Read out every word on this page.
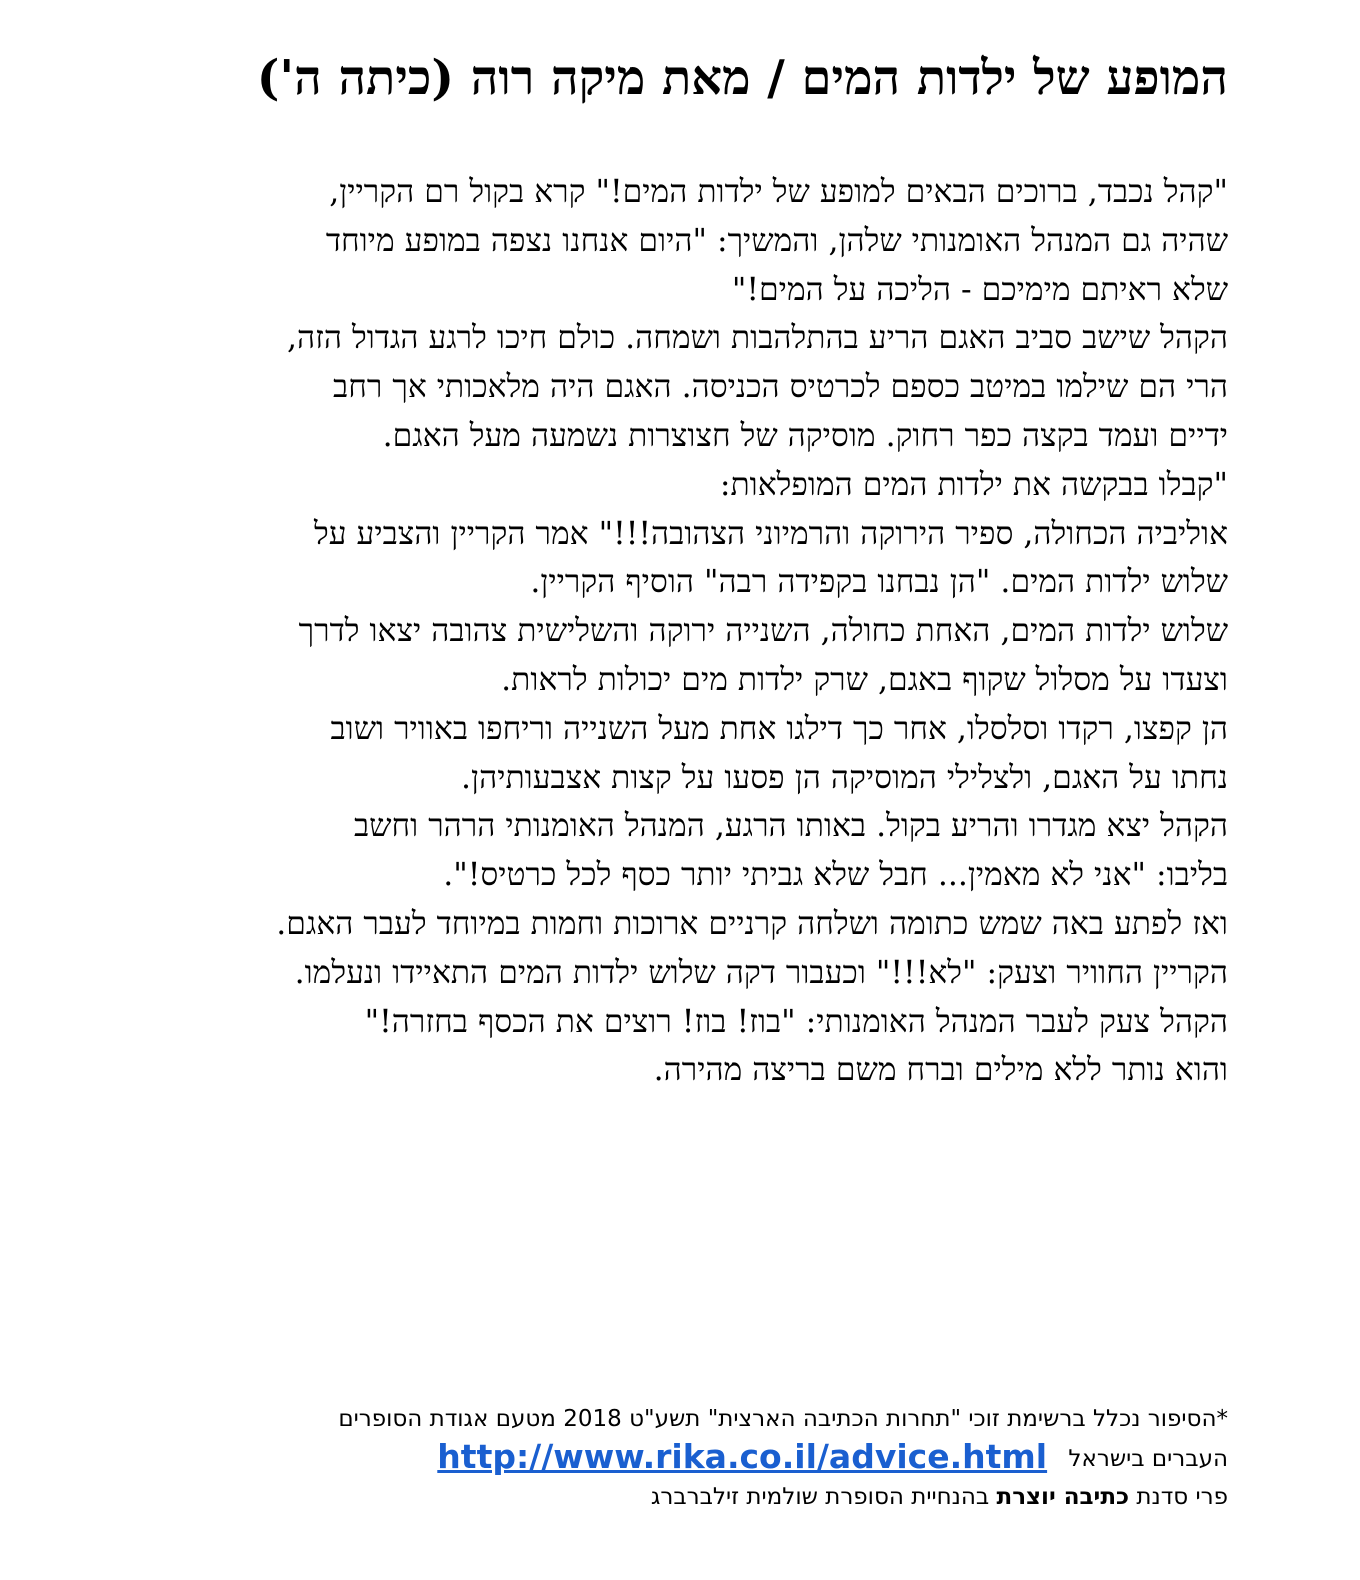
המופע של ילדות המים / מאת מיקה רוה (כיתה ה')
"קהל נכבד, ברוכים הבאים למופע של ילדות המים!" קרא בקול רם הקריין,
שהיה גם המנהל האומנותי שלהן, והמשיך: "היום אנחנו נצפה במופע מיוחד
שלא ראיתם מימיכם - הליכה על המים!"
הקהל שישב סביב האגם הריע בהתלהבות ושמחה. כולם חיכו לרגע הגדול הזה,
הרי הם שילמו במיטב כספם לכרטיס הכניסה. האגם היה מלאכותי אך רחב
ידיים ועמד בקצה כפר רחוק. מוסיקה של חצוצרות נשמעה מעל האגם.
"קבלו בבקשה את ילדות המים המופלאות:
אוליביה הכחולה, ספיר הירוקה והרמיוני הצהובה!!!" אמר הקריין והצביע על
שלוש ילדות המים. "הן נבחנו בקפידה רבה" הוסיף הקריין.
שלוש ילדות המים, האחת כחולה, השנייה ירוקה והשלישית צהובה יצאו לדרך
וצעדו על מסלול שקוף באגם, שרק ילדות מים יכולות לראות.
הן קפצו, רקדו וסלסלו, אחר כך דילגו אחת מעל השנייה וריחפו באוויר ושוב
נחתו על האגם, ולצלילי המוסיקה הן פסעו על קצות אצבעותיהן.
הקהל יצא מגדרו והריע בקול. באותו הרגע, המנהל האומנותי הרהר וחשב
בליבו: "אני לא מאמין... חבל שלא גביתי יותר כסף לכל כרטיס!".
ואז לפתע באה שמש כתומה ושלחה קרניים ארוכות וחמות במיוחד לעבר האגם.
הקריין החוויר וצעק: "לא!!!" וכעבור דקה שלוש ילדות המים התאיידו ונעלמו.
הקהל צעק לעבר המנהל האומנותי: "בוז! בוז! רוצים את הכסף בחזרה!"
והוא נותר ללא מילים וברח משם בריצה מהירה.
*הסיפור נכלל ברשימת זוכי "תחרות הכתיבה הארצית" תשע"ט 2018 מטעם אגודת הסופרים
העברים בישראל http://www.rika.co.il/advice.html
פרי סדנת כתיבה יוצרת בהנחיית הסופרת שולמית זילברברג
